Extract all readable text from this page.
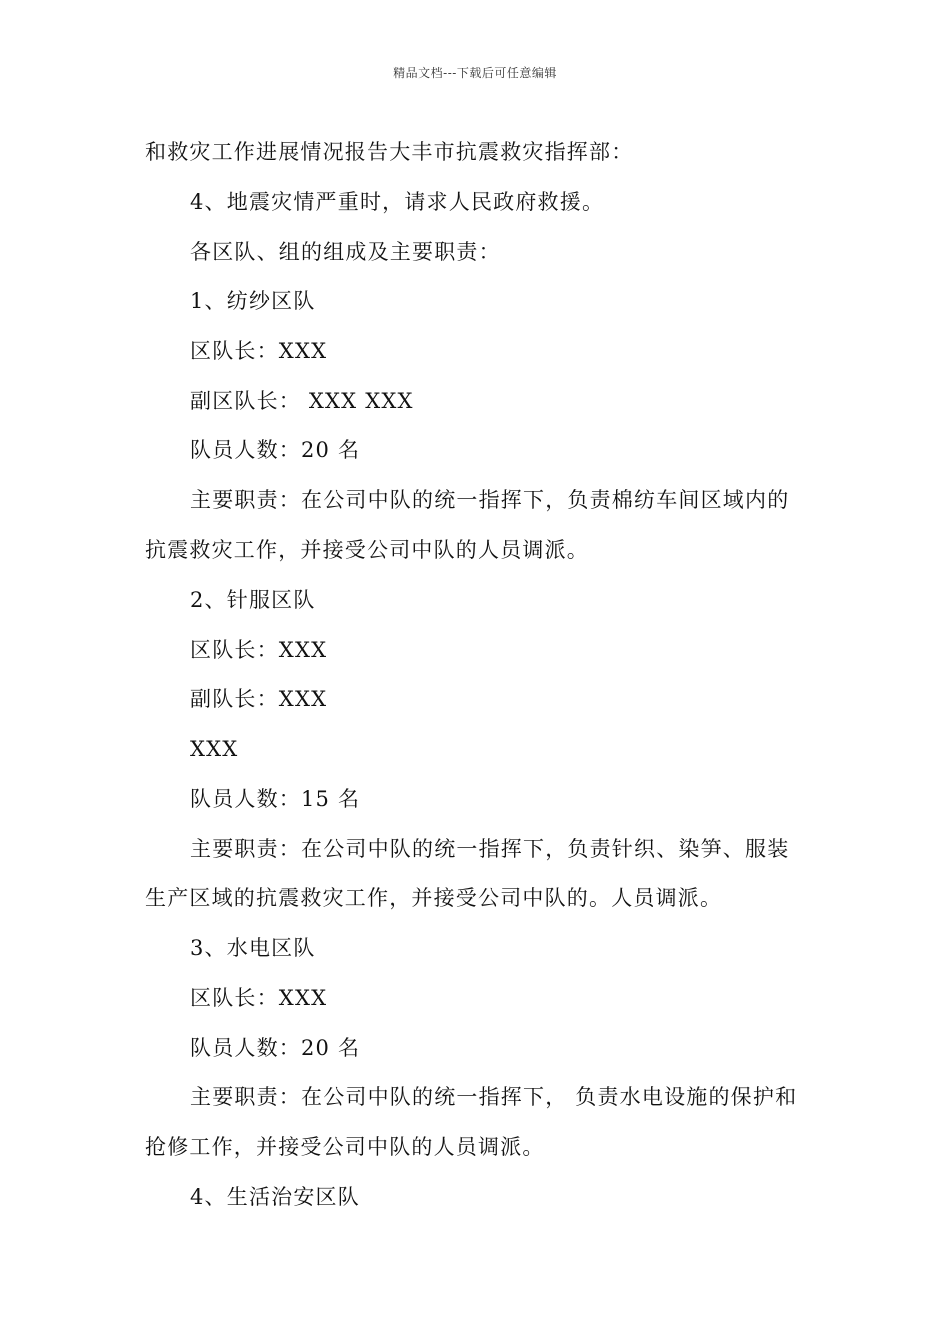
精品文档---下载后可任意编辑
和救灾工作进展情况报告大丰市抗震救灾指挥部：
4、地震灾情严重时，请求人民政府救援。
各区队、组的组成及主要职责：
1、纺纱区队
区队长：XXX
副区队长： XXX XXX
队员人数：20 名
主要职责：在公司中队的统一指挥下，负责棉纺车间区域内的
抗震救灾工作，并接受公司中队的人员调派。
2、针服区队
区队长：XXX
副队长：XXX
XXX
队员人数：15 名
主要职责：在公司中队的统一指挥下，负责针织、染笋、服装
生产区域的抗震救灾工作，并接受公司中队的。人员调派。
3、水电区队
区队长：XXX
队员人数：20 名
主要职责：在公司中队的统一指挥下， 负责水电设施的保护和
抢修工作，并接受公司中队的人员调派。
4、生活治安区队
